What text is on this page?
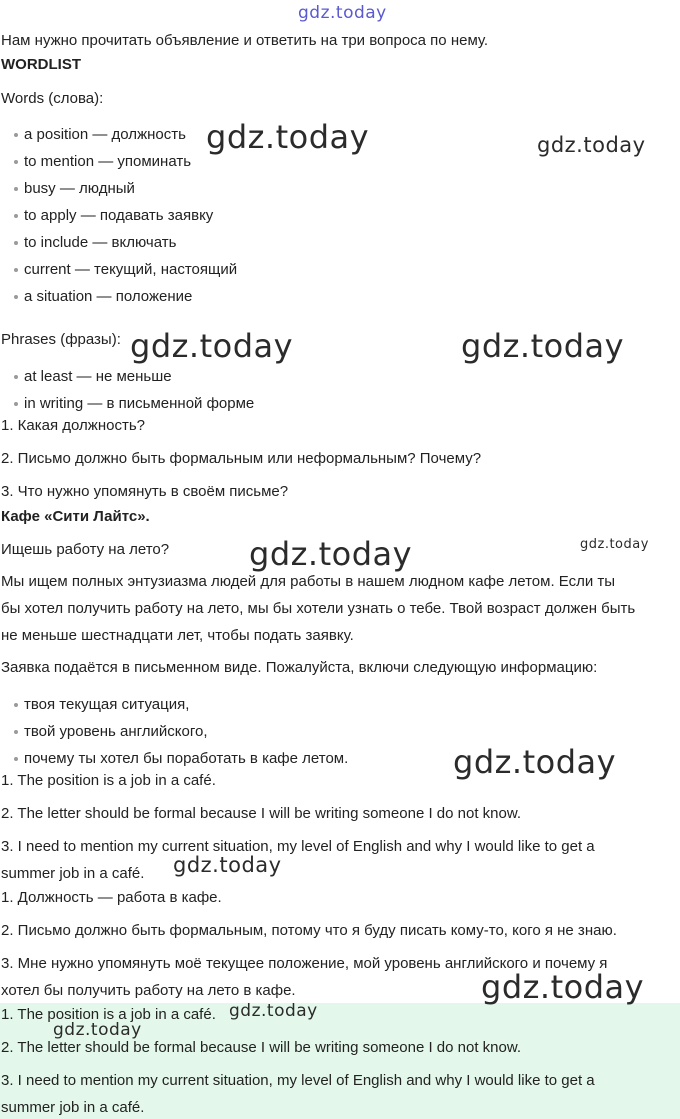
gdz.today
Нам нужно прочитать объявление и ответить на три вопроса по нему.
WORDLIST
Words (слова):
a position — должность
to mention — упоминать
busy — людный
to apply — подавать заявку
to include — включать
current — текущий, настоящий
a situation — положение
Phrases (фразы):
at least — не меньше
in writing — в письменной форме
1. Какая должность?
2. Письмо должно быть формальным или неформальным? Почему?
3. Что нужно упомянуть в своём письме?
Кафе «Сити Лайтс».
Ищешь работу на лето?
Мы ищем полных энтузиазма людей для работы в нашем людном кафе летом. Если ты
бы хотел получить работу на лето, мы бы хотели узнать о тебе. Твой возраст должен быть
не меньше шестнадцати лет, чтобы подать заявку.
Заявка подаётся в письменном виде. Пожалуйста, включи следующую информацию:
твоя текущая ситуация,
твой уровень английского,
почему ты хотел бы поработать в кафе летом.
1. The position is a job in a café.
2. The letter should be formal because I will be writing someone I do not know.
3. I need to mention my current situation, my level of English and why I would like to get a
summer job in a café.
1. Должность — работа в кафе.
2. Письмо должно быть формальным, потому что я буду писать кому-то, кого я не знаю.
3. Мне нужно упомянуть моё текущее положение, мой уровень английского и почему я
хотел бы получить работу на лето в кафе.
1. The position is a job in a café.
2. The letter should be formal because I will be writing someone I do not know.
3. I need to mention my current situation, my level of English and why I would like to get a
summer job in a café.
gdz.today	gdz.today
gdz.today	gdz.today
gdz.today	gdz.today
gdz.today
gdz.today
gdz.today
gdz.today
gdz.today
